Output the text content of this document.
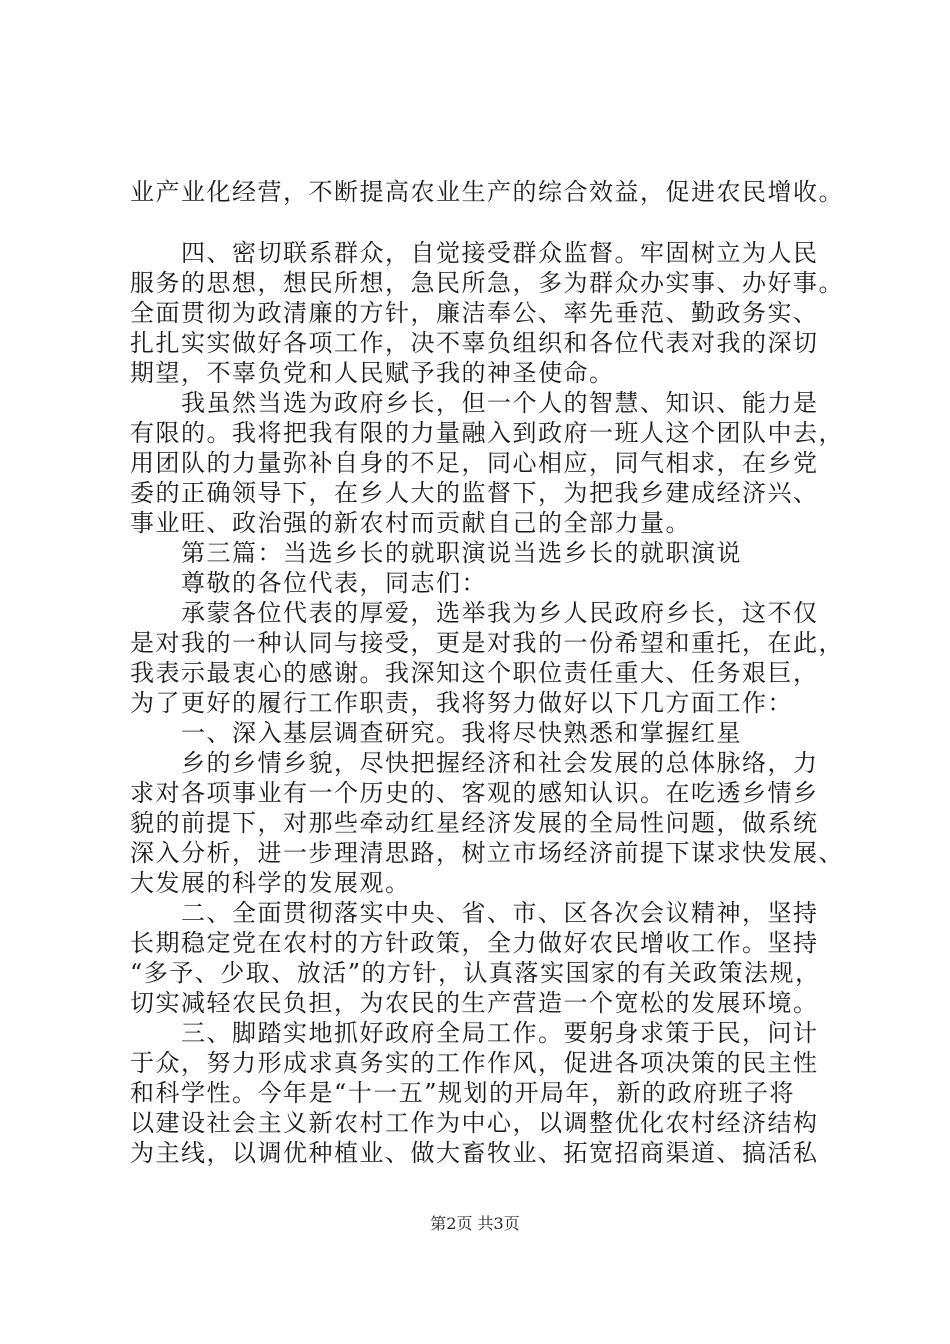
业产业化经营，不断提高农业生产的综合效益，促进农民增收。
　　四、密切联系群众，自觉接受群众监督。牢固树立为人民
服务的思想，想民所想，急民所急，多为群众办实事、办好事。
全面贯彻为政清廉的方针，廉洁奉公、率先垂范、勤政务实、
扎扎实实做好各项工作，决不辜负组织和各位代表对我的深切
期望，不辜负党和人民赋予我的神圣使命。
　　我虽然当选为政府乡长，但一个人的智慧、知识、能力是
有限的。我将把我有限的力量融入到政府一班人这个团队中去，
用团队的力量弥补自身的不足，同心相应，同气相求，在乡党
委的正确领导下，在乡人大的监督下，为把我乡建成经济兴、
事业旺、政治强的新农村而贡献自己的全部力量。
　　第三篇：当选乡长的就职演说当选乡长的就职演说
　　尊敬的各位代表，同志们：
　　承蒙各位代表的厚爱，选举我为乡人民政府乡长，这不仅
是对我的一种认同与接受，更是对我的一份希望和重托，在此，
我表示最衷心的感谢。我深知这个职位责任重大、任务艰巨，
为了更好的履行工作职责，我将努力做好以下几方面工作：
　　一、深入基层调查研究。我将尽快熟悉和掌握红星
　　乡的乡情乡貌，尽快把握经济和社会发展的总体脉络，力
求对各项事业有一个历史的、客观的感知认识。在吃透乡情乡
貌的前提下，对那些牵动红星经济发展的全局性问题，做系统
深入分析，进一步理清思路，树立市场经济前提下谋求快发展、
大发展的科学的发展观。
　　二、全面贯彻落实中央、省、市、区各次会议精神，坚持
长期稳定党在农村的方针政策，全力做好农民增收工作。坚持
“多予、少取、放活”的方针，认真落实国家的有关政策法规，
切实减轻农民负担，为农民的生产营造一个宽松的发展环境。
　　三、脚踏实地抓好政府全局工作。要躬身求策于民，问计
于众，努力形成求真务实的工作作风，促进各项决策的民主性
和科学性。今年是“十一五”规划的开局年，新的政府班子将
以建设社会主义新农村工作为中心，以调整优化农村经济结构
为主线，以调优种植业、做大畜牧业、拓宽招商渠道、搞活私
第2页 共3页
